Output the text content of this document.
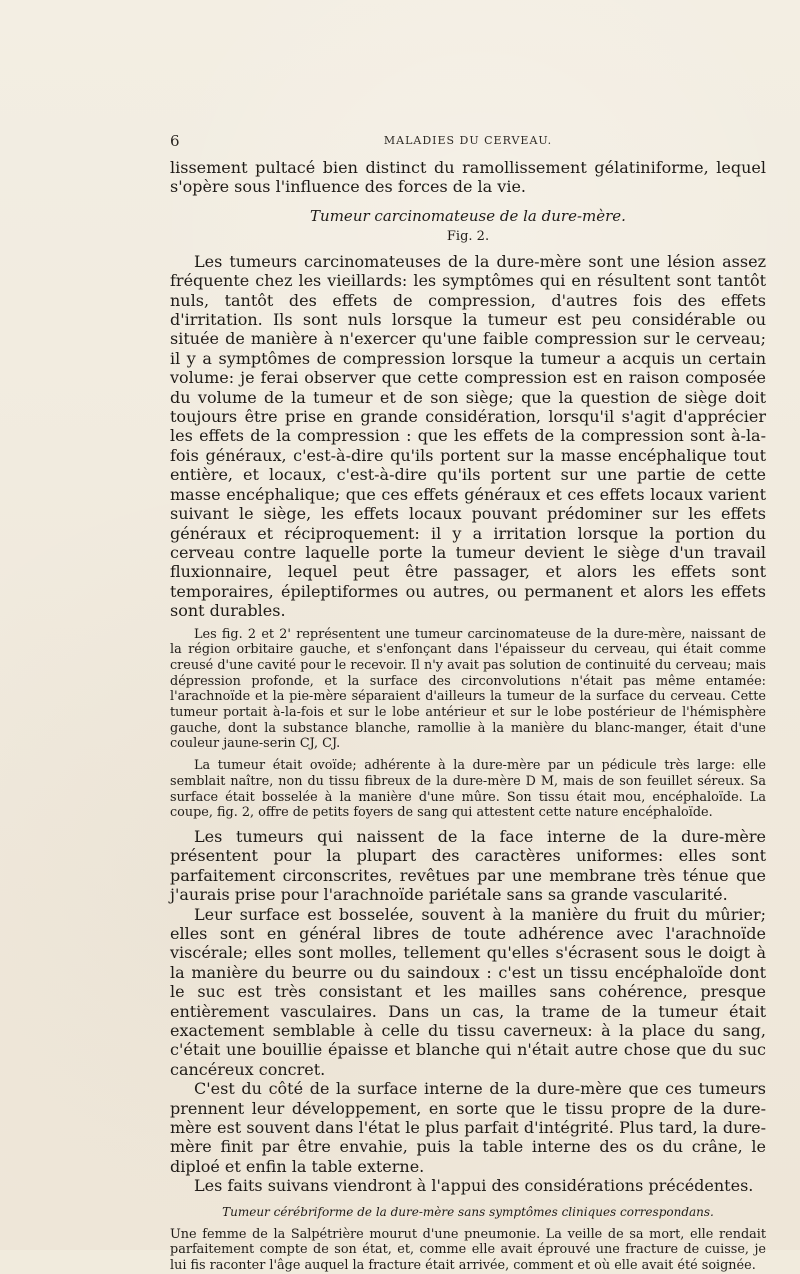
6	MALADIES DU CERVEAU.

lissement pultacé bien distinct du ramollissement gélatiniforme, lequel s'opère sous l'influence des forces de la vie.

Tumeur carcinomateuse de la dure-mère.
Fig. 2.

Les tumeurs carcinomateuses de la dure-mère sont une lésion assez fréquente chez les vieillards: les symptômes qui en résultent sont tantôt nuls, tantôt des effets de compression, d'autres fois des effets d'irritation. Ils sont nuls lorsque la tumeur est peu considérable ou située de manière à n'exercer qu'une faible compression sur le cerveau; il y a symptômes de compression lorsque la tumeur a acquis un certain volume: je ferai observer que cette compression est en raison composée du volume de la tumeur et de son siège; que la question de siège doit toujours être prise en grande considération, lorsqu'il s'agit d'apprécier les effets de la compression : que les effets de la compression sont à-la-fois généraux, c'est-à-dire qu'ils portent sur la masse encéphalique tout entière, et locaux, c'est-à-dire qu'ils portent sur une partie de cette masse encéphalique; que ces effets généraux et ces effets locaux varient suivant le siège, les effets locaux pouvant prédominer sur les effets généraux et réciproquement: il y a irritation lorsque la portion du cerveau contre laquelle porte la tumeur devient le siège d'un travail fluxionnaire, lequel peut être passager, et alors les effets sont temporaires, épileptiformes ou autres, ou permanent et alors les effets sont durables.

Les fig. 2 et 2' représentent une tumeur carcinomateuse de la dure-mère, naissant de la région orbitaire gauche, et s'enfonçant dans l'épaisseur du cerveau, qui était comme creusé d'une cavité pour le recevoir. Il n'y avait pas solution de continuité du cerveau; mais dépression profonde, et la surface des circonvolutions n'était pas même entamée: l'arachnoïde et la pie-mère séparaient d'ailleurs la tumeur de la surface du cerveau. Cette tumeur portait à-la-fois et sur le lobe antérieur et sur le lobe postérieur de l'hémisphère gauche, dont la substance blanche, ramollie à la manière du blanc-manger, était d'une couleur jaune-serin CJ, CJ.

La tumeur était ovoïde; adhérente à la dure-mère par un pédicule très large: elle semblait naître, non du tissu fibreux de la dure-mère D M, mais de son feuillet séreux. Sa surface était bosselée à la manière d'une mûre. Son tissu était mou, encéphaloïde. La coupe, fig. 2, offre de petits foyers de sang qui attestent cette nature encéphaloïde.

Les tumeurs qui naissent de la face interne de la dure-mère présentent pour la plupart des caractères uniformes: elles sont parfaitement circonscrites, revêtues par une membrane très ténue que j'aurais prise pour l'arachnoïde pariétale sans sa grande vascularité.

Leur surface est bosselée, souvent à la manière du fruit du mûrier; elles sont en général libres de toute adhérence avec l'arachnoïde viscérale; elles sont molles, tellement qu'elles s'écrasent sous le doigt à la manière du beurre ou du saindoux : c'est un tissu encéphaloïde dont le suc est très consistant et les mailles sans cohérence, presque entièrement vasculaires. Dans un cas, la trame de la tumeur était exactement semblable à celle du tissu caverneux: à la place du sang, c'était une bouillie épaisse et blanche qui n'était autre chose que du suc cancéreux concret.

C'est du côté de la surface interne de la dure-mère que ces tumeurs prennent leur développement, en sorte que le tissu propre de la dure-mère est souvent dans l'état le plus parfait d'intégrité. Plus tard, la dure-mère finit par être envahie, puis la table interne des os du crâne, le diploé et enfin la table externe.

Les faits suivans viendront à l'appui des considérations précédentes.

Tumeur cérébriforme de la dure-mère sans symptômes cliniques correspondans.

Une femme de la Salpétrière mourut d'une pneumonie. La veille de sa mort, elle rendait parfaitement compte de son état, et, comme elle avait éprouvé une fracture de cuisse, je lui fis raconter l'âge auquel la fracture était arrivée, comment et où elle avait été soignée.
